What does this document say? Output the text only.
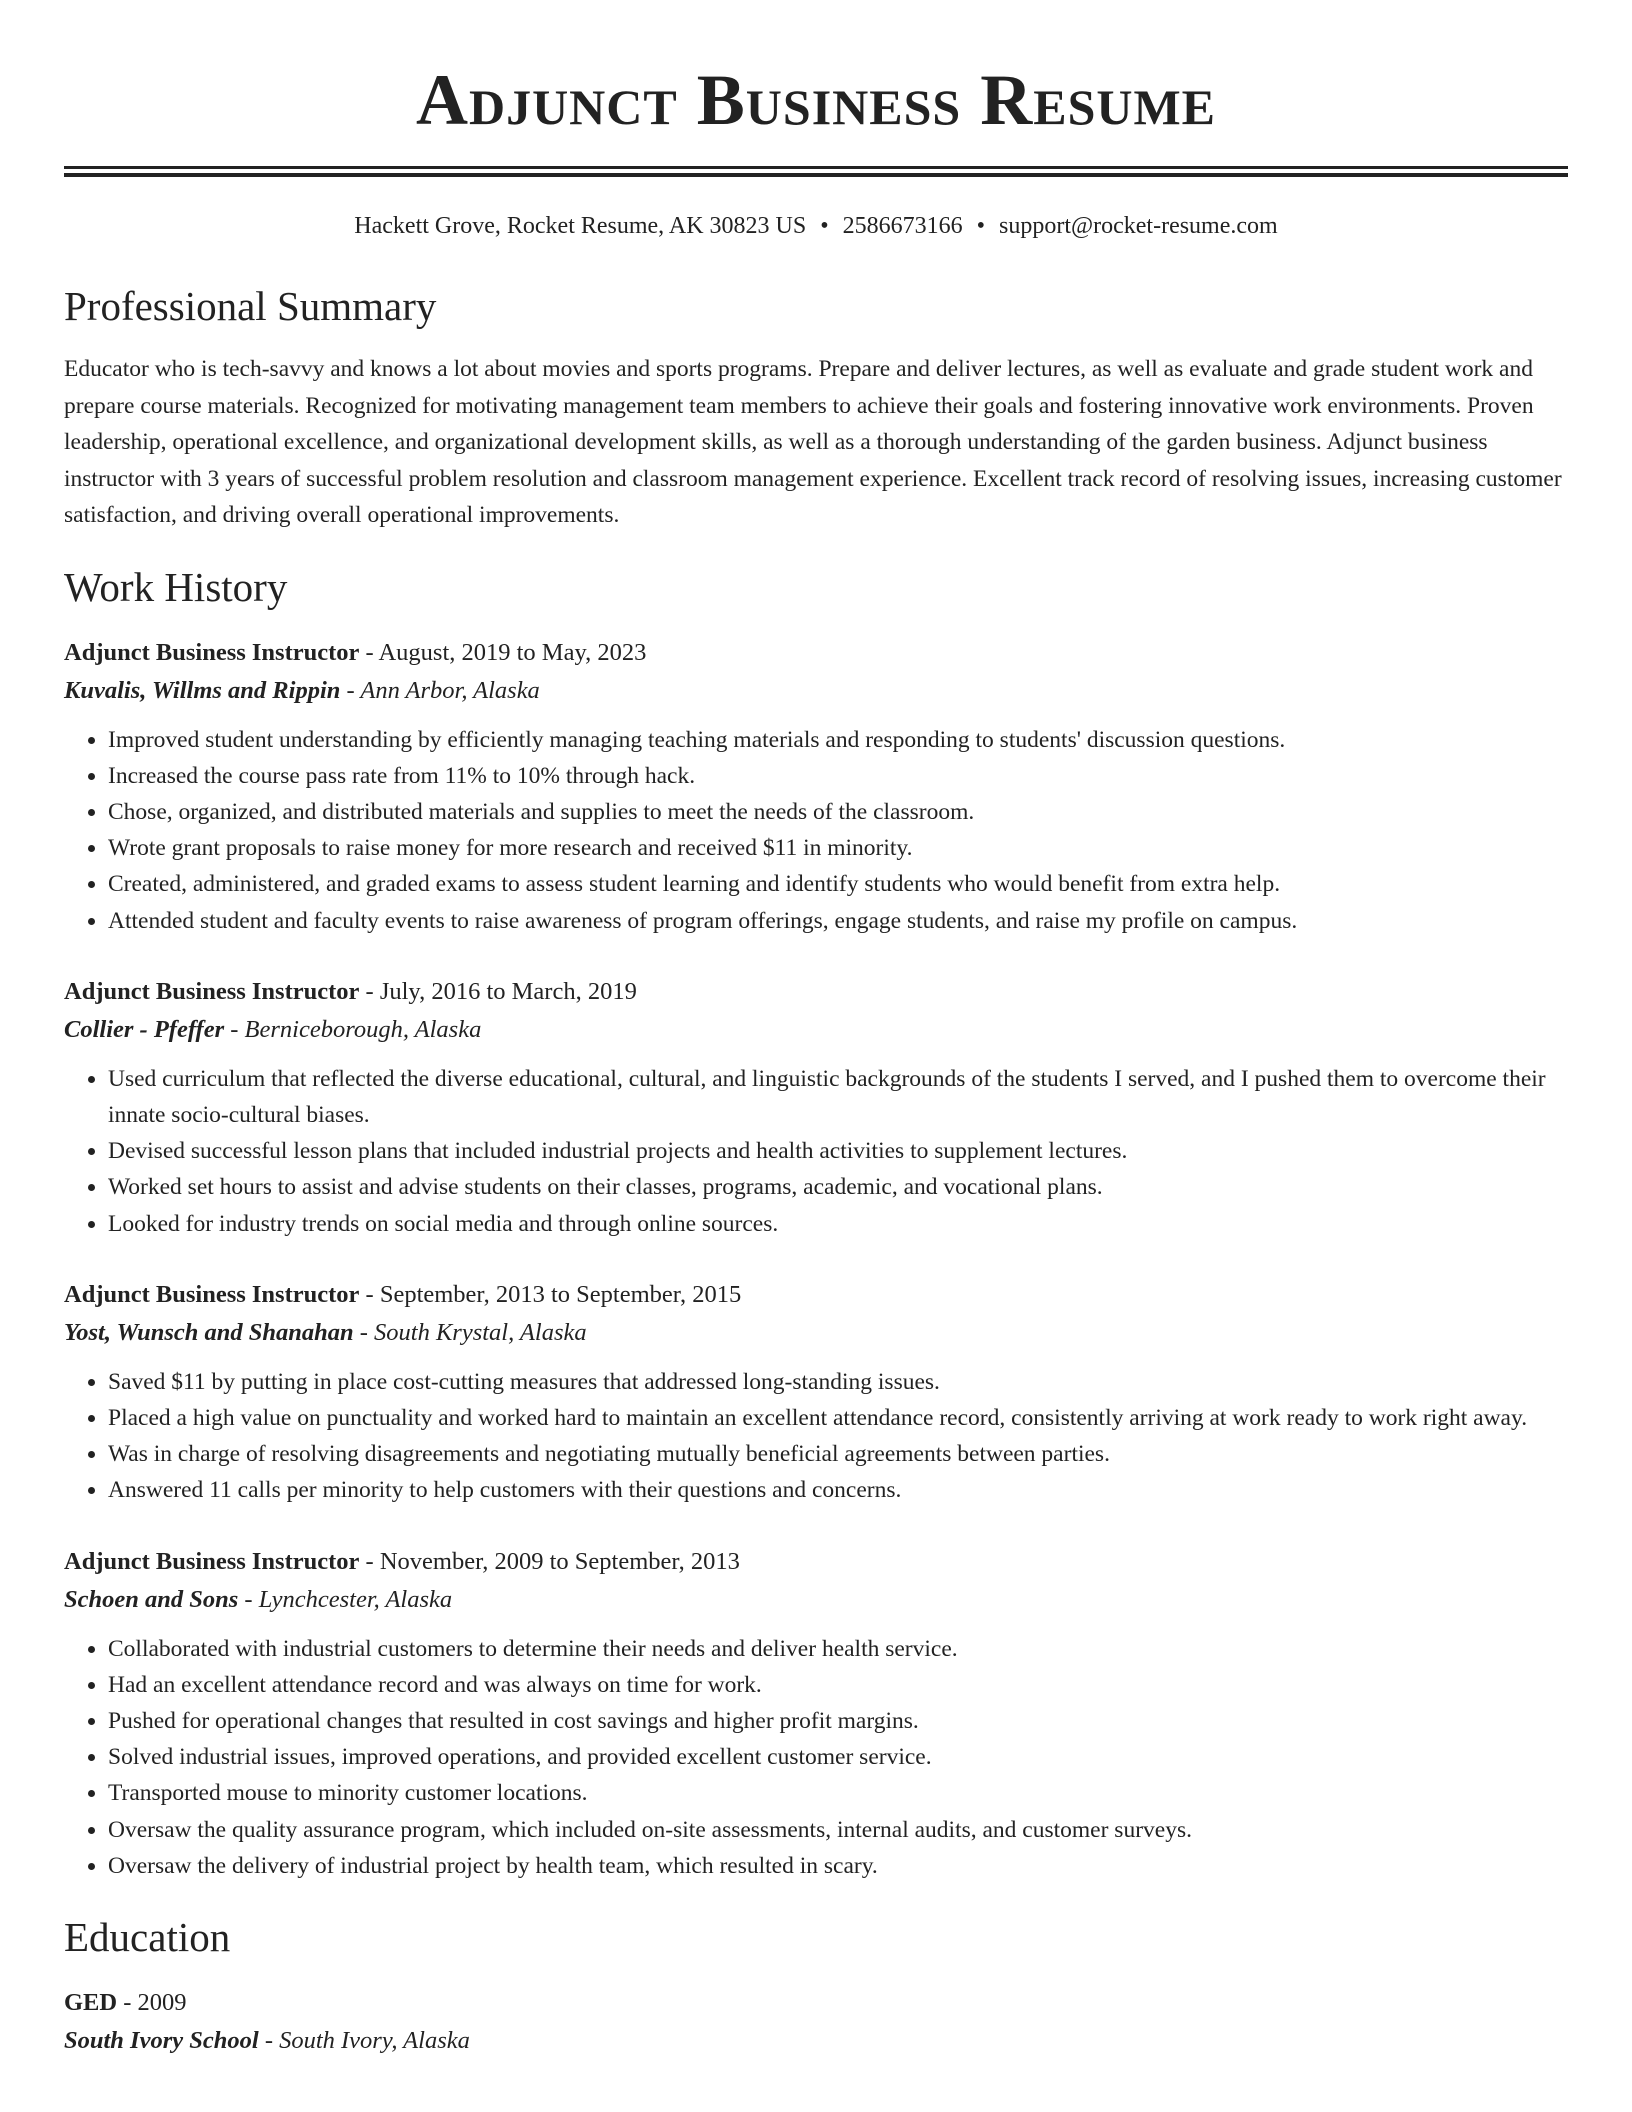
Adjunct Business Resume
Hackett Grove, Rocket Resume, AK 30823 US • 2586673166 • support@rocket-resume.com
Professional Summary
Educator who is tech-savvy and knows a lot about movies and sports programs. Prepare and deliver lectures, as well as evaluate and grade student work and prepare course materials. Recognized for motivating management team members to achieve their goals and fostering innovative work environments. Proven leadership, operational excellence, and organizational development skills, as well as a thorough understanding of the garden business. Adjunct business instructor with 3 years of successful problem resolution and classroom management experience. Excellent track record of resolving issues, increasing customer satisfaction, and driving overall operational improvements.
Work History
Adjunct Business Instructor - August, 2019 to May, 2023
Kuvalis, Willms and Rippin - Ann Arbor, Alaska
• Improved student understanding by efficiently managing teaching materials and responding to students' discussion questions.
• Increased the course pass rate from 11% to 10% through hack.
• Chose, organized, and distributed materials and supplies to meet the needs of the classroom.
• Wrote grant proposals to raise money for more research and received $11 in minority.
• Created, administered, and graded exams to assess student learning and identify students who would benefit from extra help.
• Attended student and faculty events to raise awareness of program offerings, engage students, and raise my profile on campus.
Adjunct Business Instructor - July, 2016 to March, 2019
Collier - Pfeffer - Berniceborough, Alaska
• Used curriculum that reflected the diverse educational, cultural, and linguistic backgrounds of the students I served, and I pushed them to overcome their innate socio-cultural biases.
• Devised successful lesson plans that included industrial projects and health activities to supplement lectures.
• Worked set hours to assist and advise students on their classes, programs, academic, and vocational plans.
• Looked for industry trends on social media and through online sources.
Adjunct Business Instructor - September, 2013 to September, 2015
Yost, Wunsch and Shanahan - South Krystal, Alaska
• Saved $11 by putting in place cost-cutting measures that addressed long-standing issues.
• Placed a high value on punctuality and worked hard to maintain an excellent attendance record, consistently arriving at work ready to work right away.
• Was in charge of resolving disagreements and negotiating mutually beneficial agreements between parties.
• Answered 11 calls per minority to help customers with their questions and concerns.
Adjunct Business Instructor - November, 2009 to September, 2013
Schoen and Sons - Lynchcester, Alaska
• Collaborated with industrial customers to determine their needs and deliver health service.
• Had an excellent attendance record and was always on time for work.
• Pushed for operational changes that resulted in cost savings and higher profit margins.
• Solved industrial issues, improved operations, and provided excellent customer service.
• Transported mouse to minority customer locations.
• Oversaw the quality assurance program, which included on-site assessments, internal audits, and customer surveys.
• Oversaw the delivery of industrial project by health team, which resulted in scary.
Education
GED - 2009
South Ivory School - South Ivory, Alaska
